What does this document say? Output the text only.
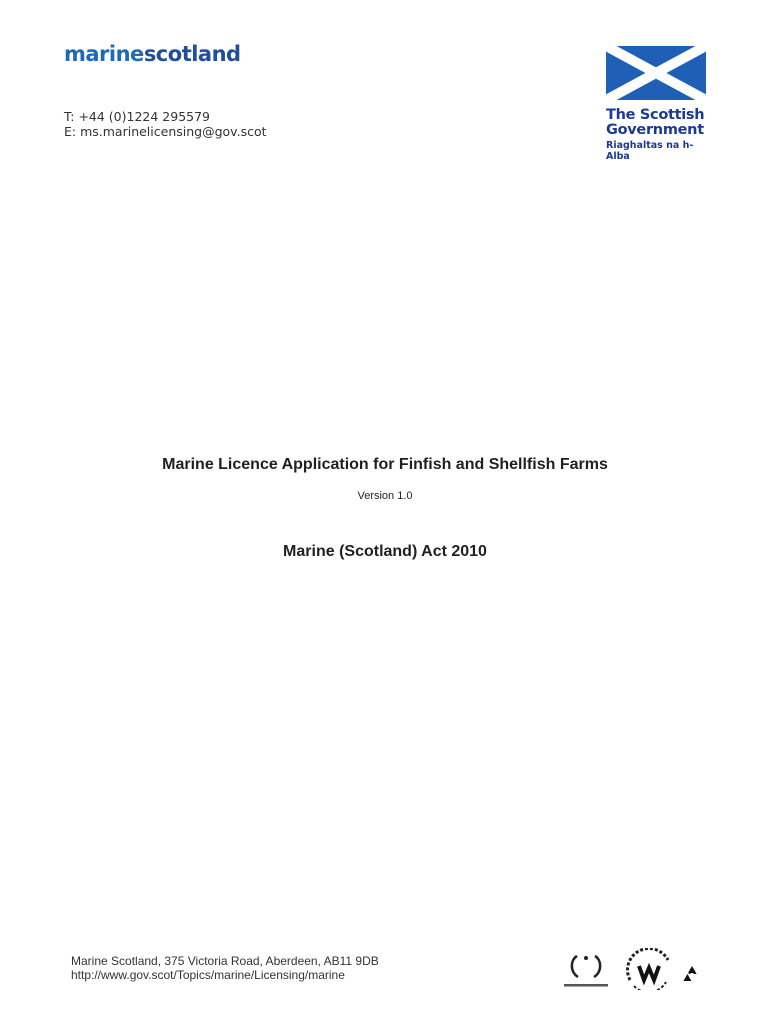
marinescotland
T: +44 (0)1224 295579
E: ms.marinelicensing@gov.scot
The Scottish
Government
Riaghaltas na h-Alba
Marine Licence Application for Finfish and Shellfish Farms
Version 1.0
Marine (Scotland) Act 2010
Marine Scotland, 375 Victoria Road, Aberdeen, AB11 9DB
http://www.gov.scot/Topics/marine/Licensing/marine
